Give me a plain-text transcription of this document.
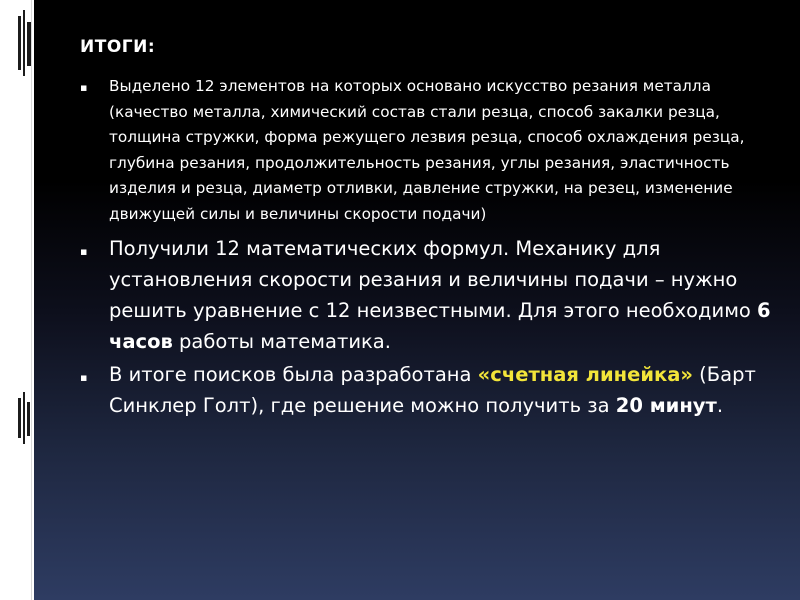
ИТОГИ:
▪ Выделено 12 элементов на которых основано искусство резания металла (качество металла, химический состав стали резца, способ закалки резца, толщина стружки, форма режущего лезвия резца, способ охлаждения резца, глубина резания, продолжительность резания, углы резания, эластичность изделия и резца, диаметр отливки, давление стружки, на резец, изменение движущей силы и величины скорости подачи)
▪ Получили 12 математических формул. Механику для установления скорости резания и величины подачи – нужно решить уравнение с 12 неизвестными. Для этого необходимо 6 часов работы математика.
▪ В итоге поисков была разработана «счетная линейка» (Барт Синклер Голт), где решение можно получить за 20 минут.
